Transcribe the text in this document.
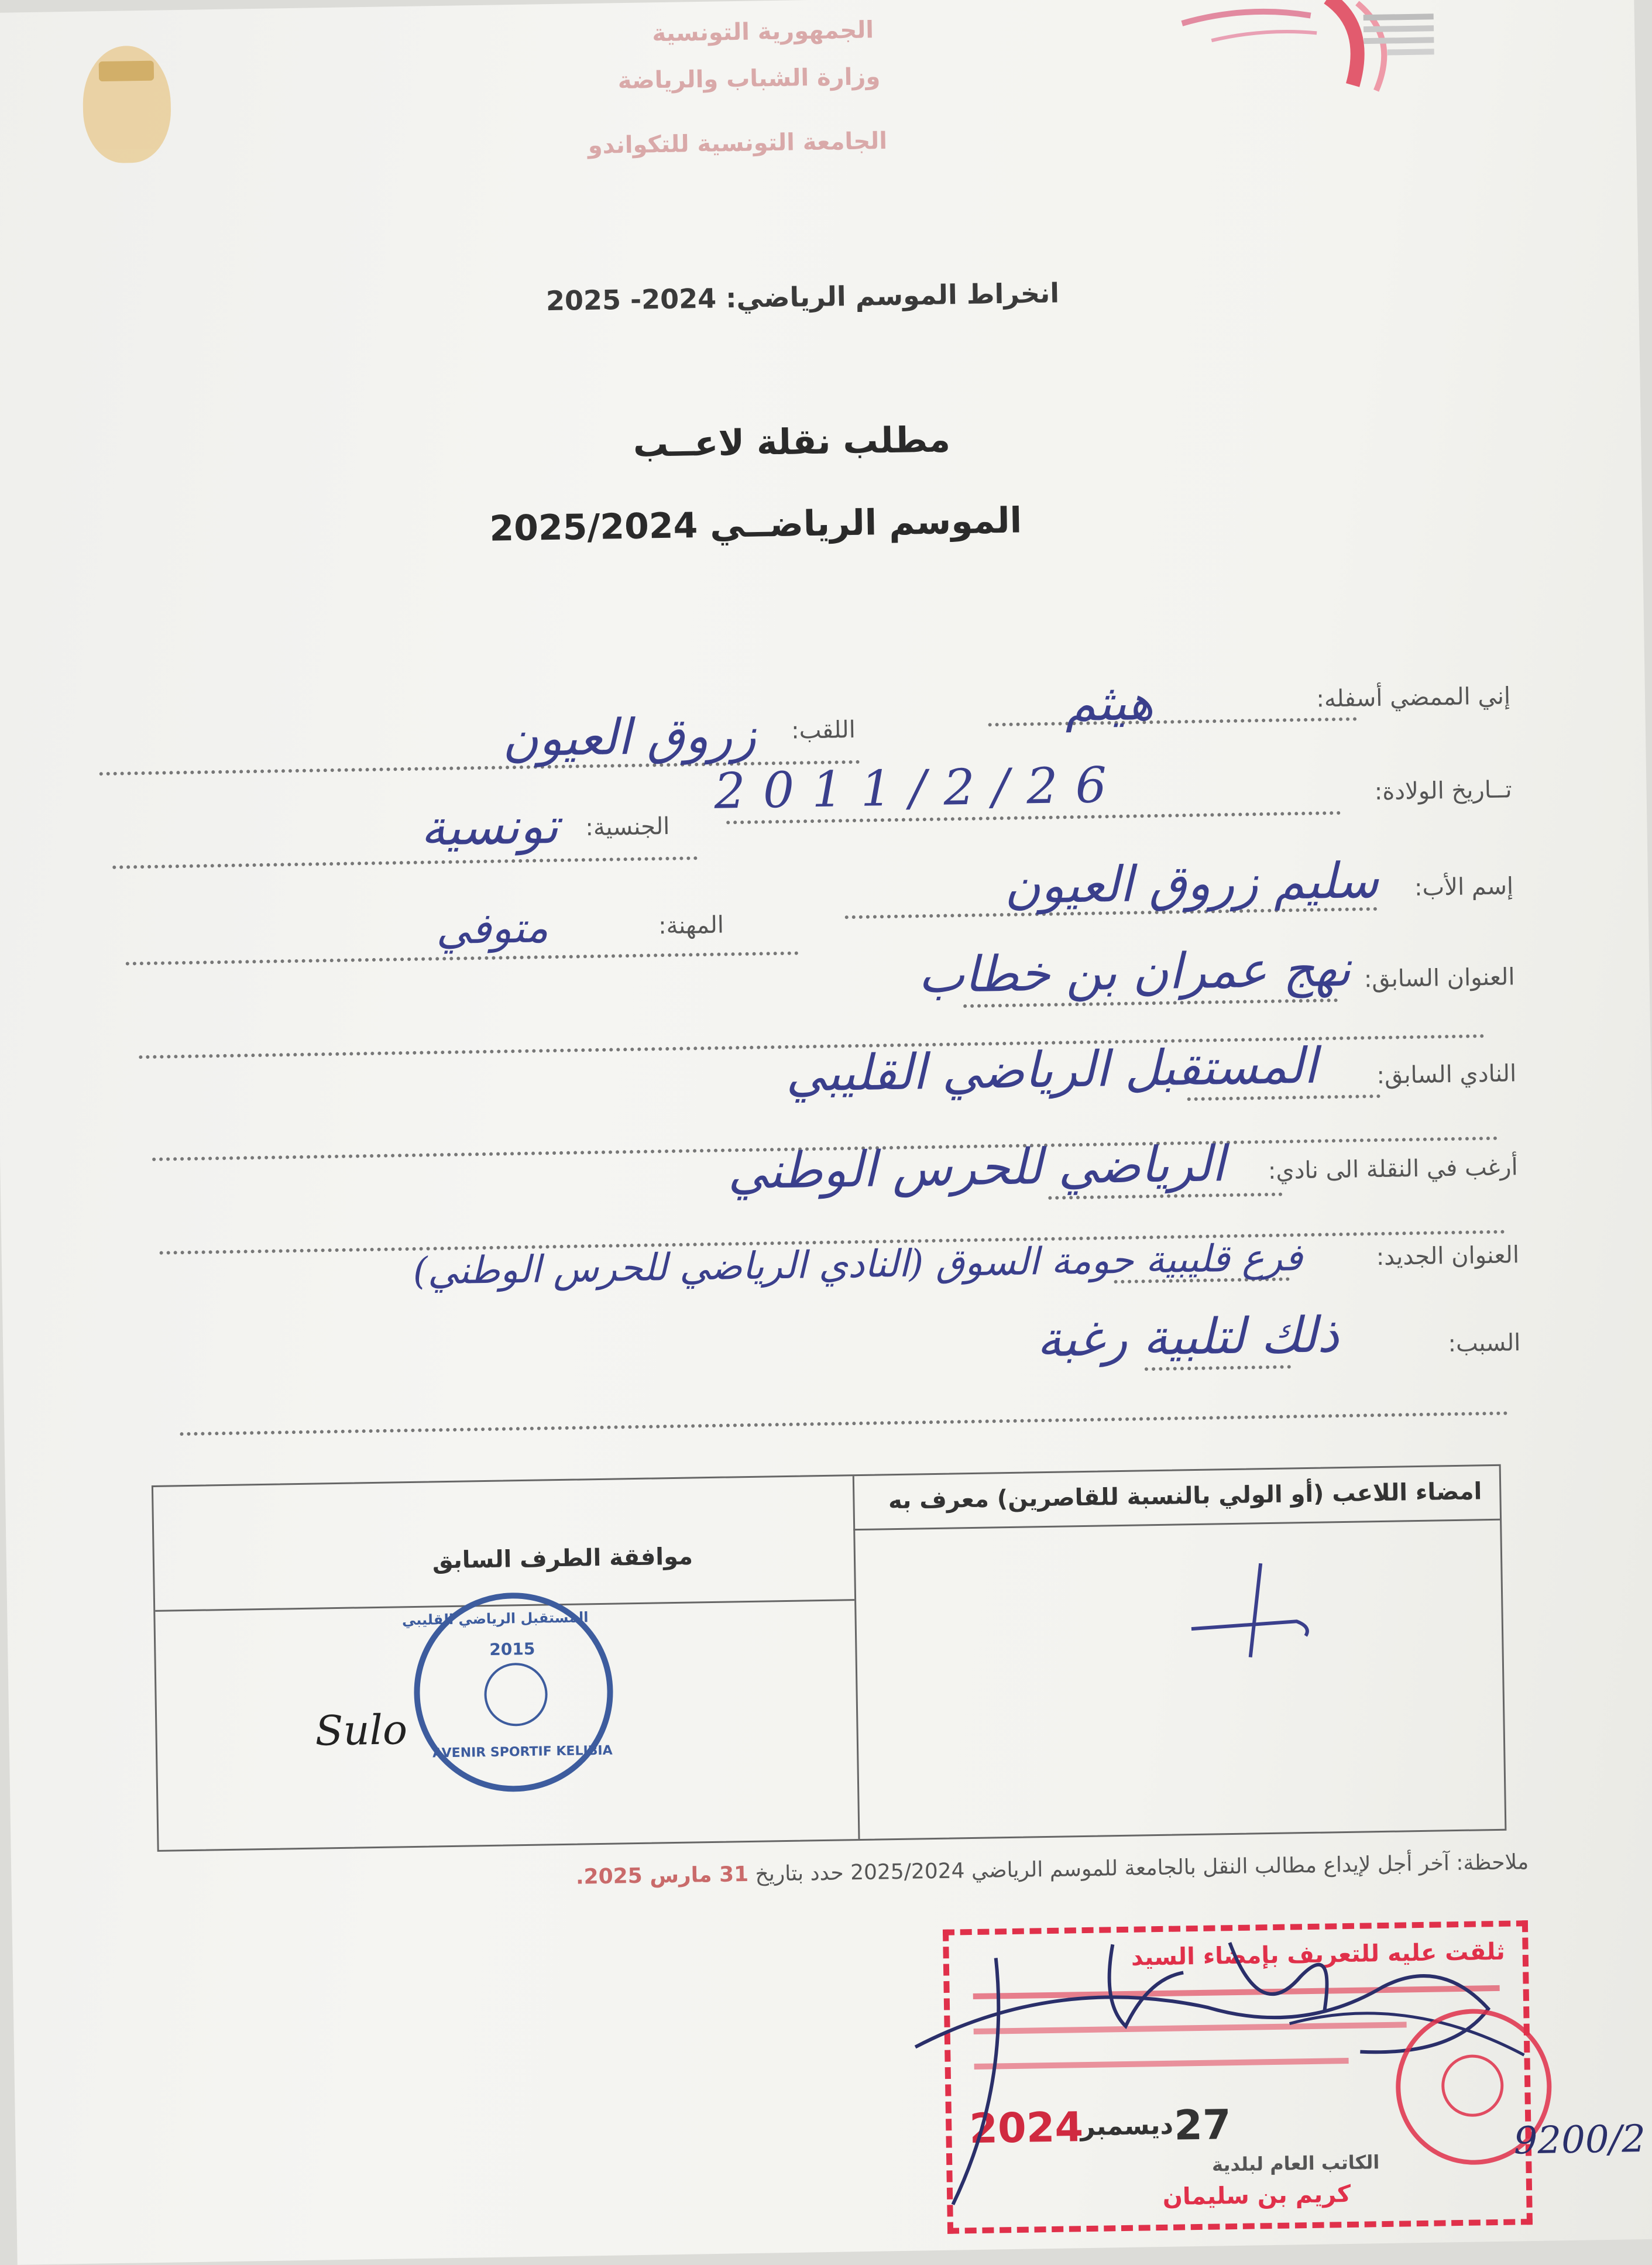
الجمهورية التونسية
وزارة الشباب والرياضة
الجامعة التونسية للتكواندو
انخراط الموسم الرياضي: 2024- 2025
مطلب نقلة لاعــب
الموسم الرياضــي 2025/2024
إني الممضي أسفله:
هيثم
اللقب:
زروق العيون
تــاريخ الولادة:
2011/2/26
الجنسية:
تونسية
إسم الأب:
سليم زروق العيون
المهنة:
متوفي
العنوان السابق:
نهج عمران بن خطاب
النادي السابق:
المستقبل الرياضي القليبي
أرغب في النقلة الى نادي:
الرياضي للحرس الوطني
العنوان الجديد:
فرع قليبية حومة السوق (النادي الرياضي للحرس الوطني)
السبب:
ذلك لتلبية رغبة
امضاء اللاعب (أو الولي بالنسبة للقاصرين) معرف به
موافقة الطرف السابق
2015
AVENIR SPORTIF KELIBIA
المستقبل الرياضي القليبي
Sulo
ملاحظة: آخر أجل لإيداع مطالب النقل بالجامعة للموسم الرياضي 2025/2024 حدد بتاريخ 31 مارس 2025.
ثلقت عليه للتعريف بإمضاء السيد
2024
ديسمبر 27
الكاتب العام لبلدية
كريم بن سليمان
9200/2
